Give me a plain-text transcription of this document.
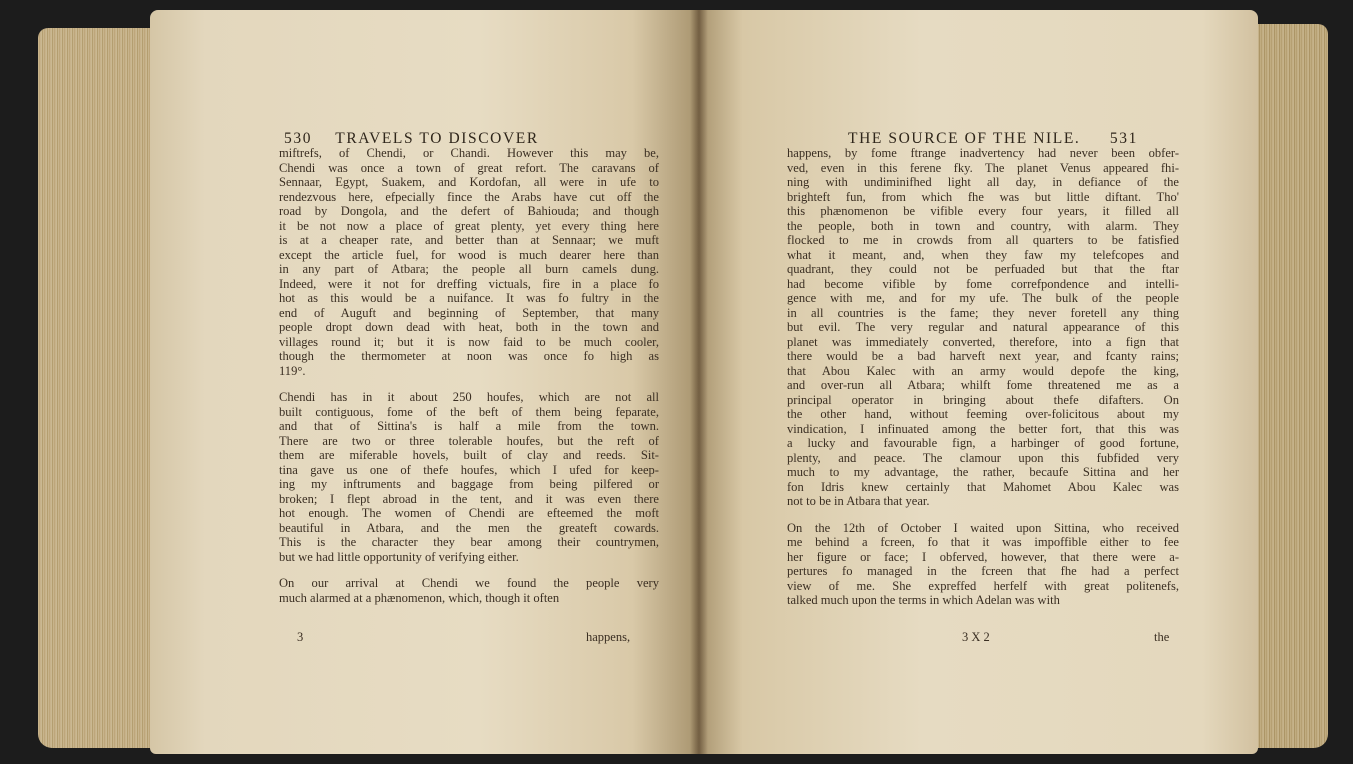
530 TRAVELS TO DISCOVER
miftrefs, of Chendi, or Chandi. However this may be,
Chendi was once a town of great refort. The caravans of
Sennaar, Egypt, Suakem, and Kordofan, all were in ufe to
rendezvous here, efpecially fince the Arabs have cut off the
road by Dongola, and the defert of Bahiouda; and though
it be not now a place of great plenty, yet every thing here
is at a cheaper rate, and better than at Sennaar; we muft
except the article fuel, for wood is much dearer here than
in any part of Atbara; the people all burn camels dung.
Indeed, were it not for dreffing victuals, fire in a place fo
hot as this would be a nuifance. It was fo fultry in the
end of Auguft and beginning of September, that many
people dropt down dead with heat, both in the town and
villages round it; but it is now faid to be much cooler,
though the thermometer at noon was once fo high as
119°.
Chendi has in it about 250 houfes, which are not all
built contiguous, fome of the beft of them being feparate,
and that of Sittina's is half a mile from the town.
There are two or three tolerable houfes, but the reft of
them are miferable hovels, built of clay and reeds. Sit-
tina gave us one of thefe houfes, which I ufed for keep-
ing my inftruments and baggage from being pilfered or
broken; I flept abroad in the tent, and it was even there
hot enough. The women of Chendi are efteemed the moft
beautiful in Atbara, and the men the greateft cowards.
This is the character they bear among their countrymen,
but we had little opportunity of verifying either.
On our arrival at Chendi we found the people very
much alarmed at a phænomenon, which, though it often
3	happens,
THE SOURCE OF THE NILE. 531
happens, by fome ftrange inadvertency had never been obfer-
ved, even in this ferene fky. The planet Venus appeared fhi-
ning with undiminifhed light all day, in defiance of the
brighteft fun, from which fhe was but little diftant. Tho'
this phænomenon be vifible every four years, it filled all
the people, both in town and country, with alarm. They
flocked to me in crowds from all quarters to be fatisfied
what it meant, and, when they faw my telefcopes and
quadrant, they could not be perfuaded but that the ftar
had become vifible by fome correfpondence and intelli-
gence with me, and for my ufe. The bulk of the people
in all countries is the fame; they never foretell any thing
but evil. The very regular and natural appearance of this
planet was immediately converted, therefore, into a fign that
there would be a bad harveft next year, and fcanty rains;
that Abou Kalec with an army would depofe the king,
and over-run all Atbara; whilft fome threatened me as a
principal operator in bringing about thefe difafters. On
the other hand, without feeming over-folicitous about my
vindication, I infinuated among the better fort, that this was
a lucky and favourable fign, a harbinger of good fortune,
plenty, and peace. The clamour upon this fubfided very
much to my advantage, the rather, becaufe Sittina and her
fon Idris knew certainly that Mahomet Abou Kalec was
not to be in Atbara that year.
On the 12th of October I waited upon Sittina, who received
me behind a fcreen, fo that it was impoffible either to fee
her figure or face; I obferved, however, that there were a-
pertures fo managed in the fcreen that fhe had a perfect
view of me. She expreffed herfelf with great politenefs,
talked much upon the terms in which Adelan was with
3 X 2	the
